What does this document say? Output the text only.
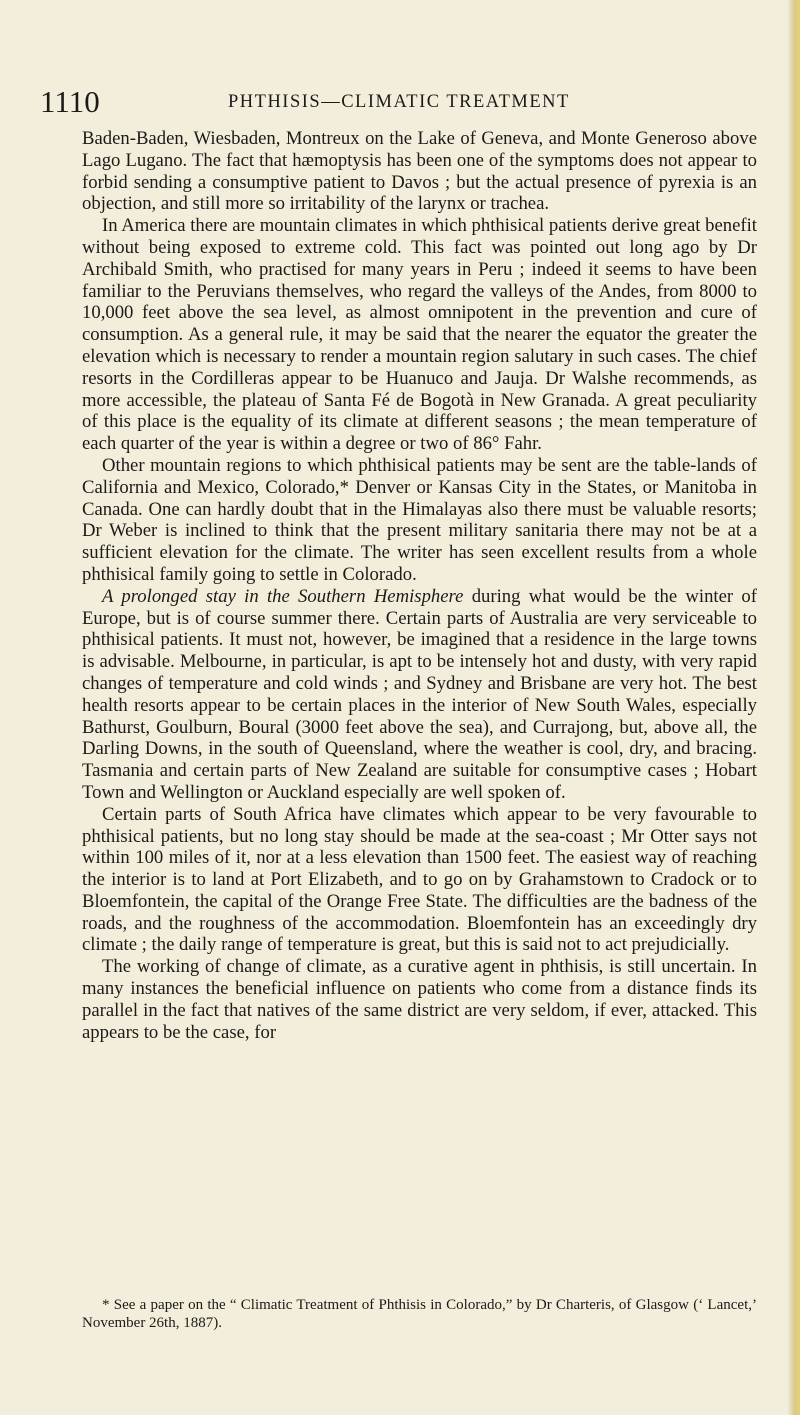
1110	PHTHISIS—CLIMATIC TREATMENT

Baden-Baden, Wiesbaden, Montreux on the Lake of Geneva, and Monte Generoso above Lago Lugano. The fact that hæmoptysis has been one of the symptoms does not appear to forbid sending a consumptive patient to Davos ; but the actual presence of pyrexia is an objection, and still more so irritability of the larynx or trachea.

In America there are mountain climates in which phthisical patients derive great benefit without being exposed to extreme cold. This fact was pointed out long ago by Dr Archibald Smith, who practised for many years in Peru ; indeed it seems to have been familiar to the Peruvians themselves, who regard the valleys of the Andes, from 8000 to 10,000 feet above the sea level, as almost omnipotent in the prevention and cure of consumption. As a general rule, it may be said that the nearer the equator the greater the elevation which is necessary to render a mountain region salutary in such cases. The chief resorts in the Cordilleras appear to be Huanuco and Jauja. Dr Walshe recommends, as more accessible, the plateau of Santa Fé de Bogotà in New Granada. A great peculiarity of this place is the equality of its climate at different seasons ; the mean temperature of each quarter of the year is within a degree or two of 86° Fahr.

Other mountain regions to which phthisical patients may be sent are the table-lands of California and Mexico, Colorado,* Denver or Kansas City in the States, or Manitoba in Canada. One can hardly doubt that in the Himalayas also there must be valuable resorts; Dr Weber is inclined to think that the present military sanitaria there may not be at a sufficient elevation for the climate. The writer has seen excellent results from a whole phthisical family going to settle in Colorado.

A prolonged stay in the Southern Hemisphere during what would be the winter of Europe, but is of course summer there. Certain parts of Australia are very serviceable to phthisical patients. It must not, however, be imagined that a residence in the large towns is advisable. Melbourne, in particular, is apt to be intensely hot and dusty, with very rapid changes of temperature and cold winds ; and Sydney and Brisbane are very hot. The best health resorts appear to be certain places in the interior of New South Wales, especially Bathurst, Goulburn, Boural (3000 feet above the sea), and Currajong, but, above all, the Darling Downs, in the south of Queensland, where the weather is cool, dry, and bracing. Tasmania and certain parts of New Zealand are suitable for consumptive cases ; Hobart Town and Wellington or Auckland especially are well spoken of.

Certain parts of South Africa have climates which appear to be very favourable to phthisical patients, but no long stay should be made at the sea-coast ; Mr Otter says not within 100 miles of it, nor at a less elevation than 1500 feet. The easiest way of reaching the interior is to land at Port Elizabeth, and to go on by Grahamstown to Cradock or to Bloemfontein, the capital of the Orange Free State. The difficulties are the badness of the roads, and the roughness of the accommodation. Bloemfontein has an exceedingly dry climate ; the daily range of temperature is great, but this is said not to act prejudicially.

The working of change of climate, as a curative agent in phthisis, is still uncertain. In many instances the beneficial influence on patients who come from a distance finds its parallel in the fact that natives of the same district are very seldom, if ever, attacked. This appears to be the case, for

* See a paper on the “ Climatic Treatment of Phthisis in Colorado,” by Dr Charteris, of Glasgow (‘ Lancet,’ November 26th, 1887).
